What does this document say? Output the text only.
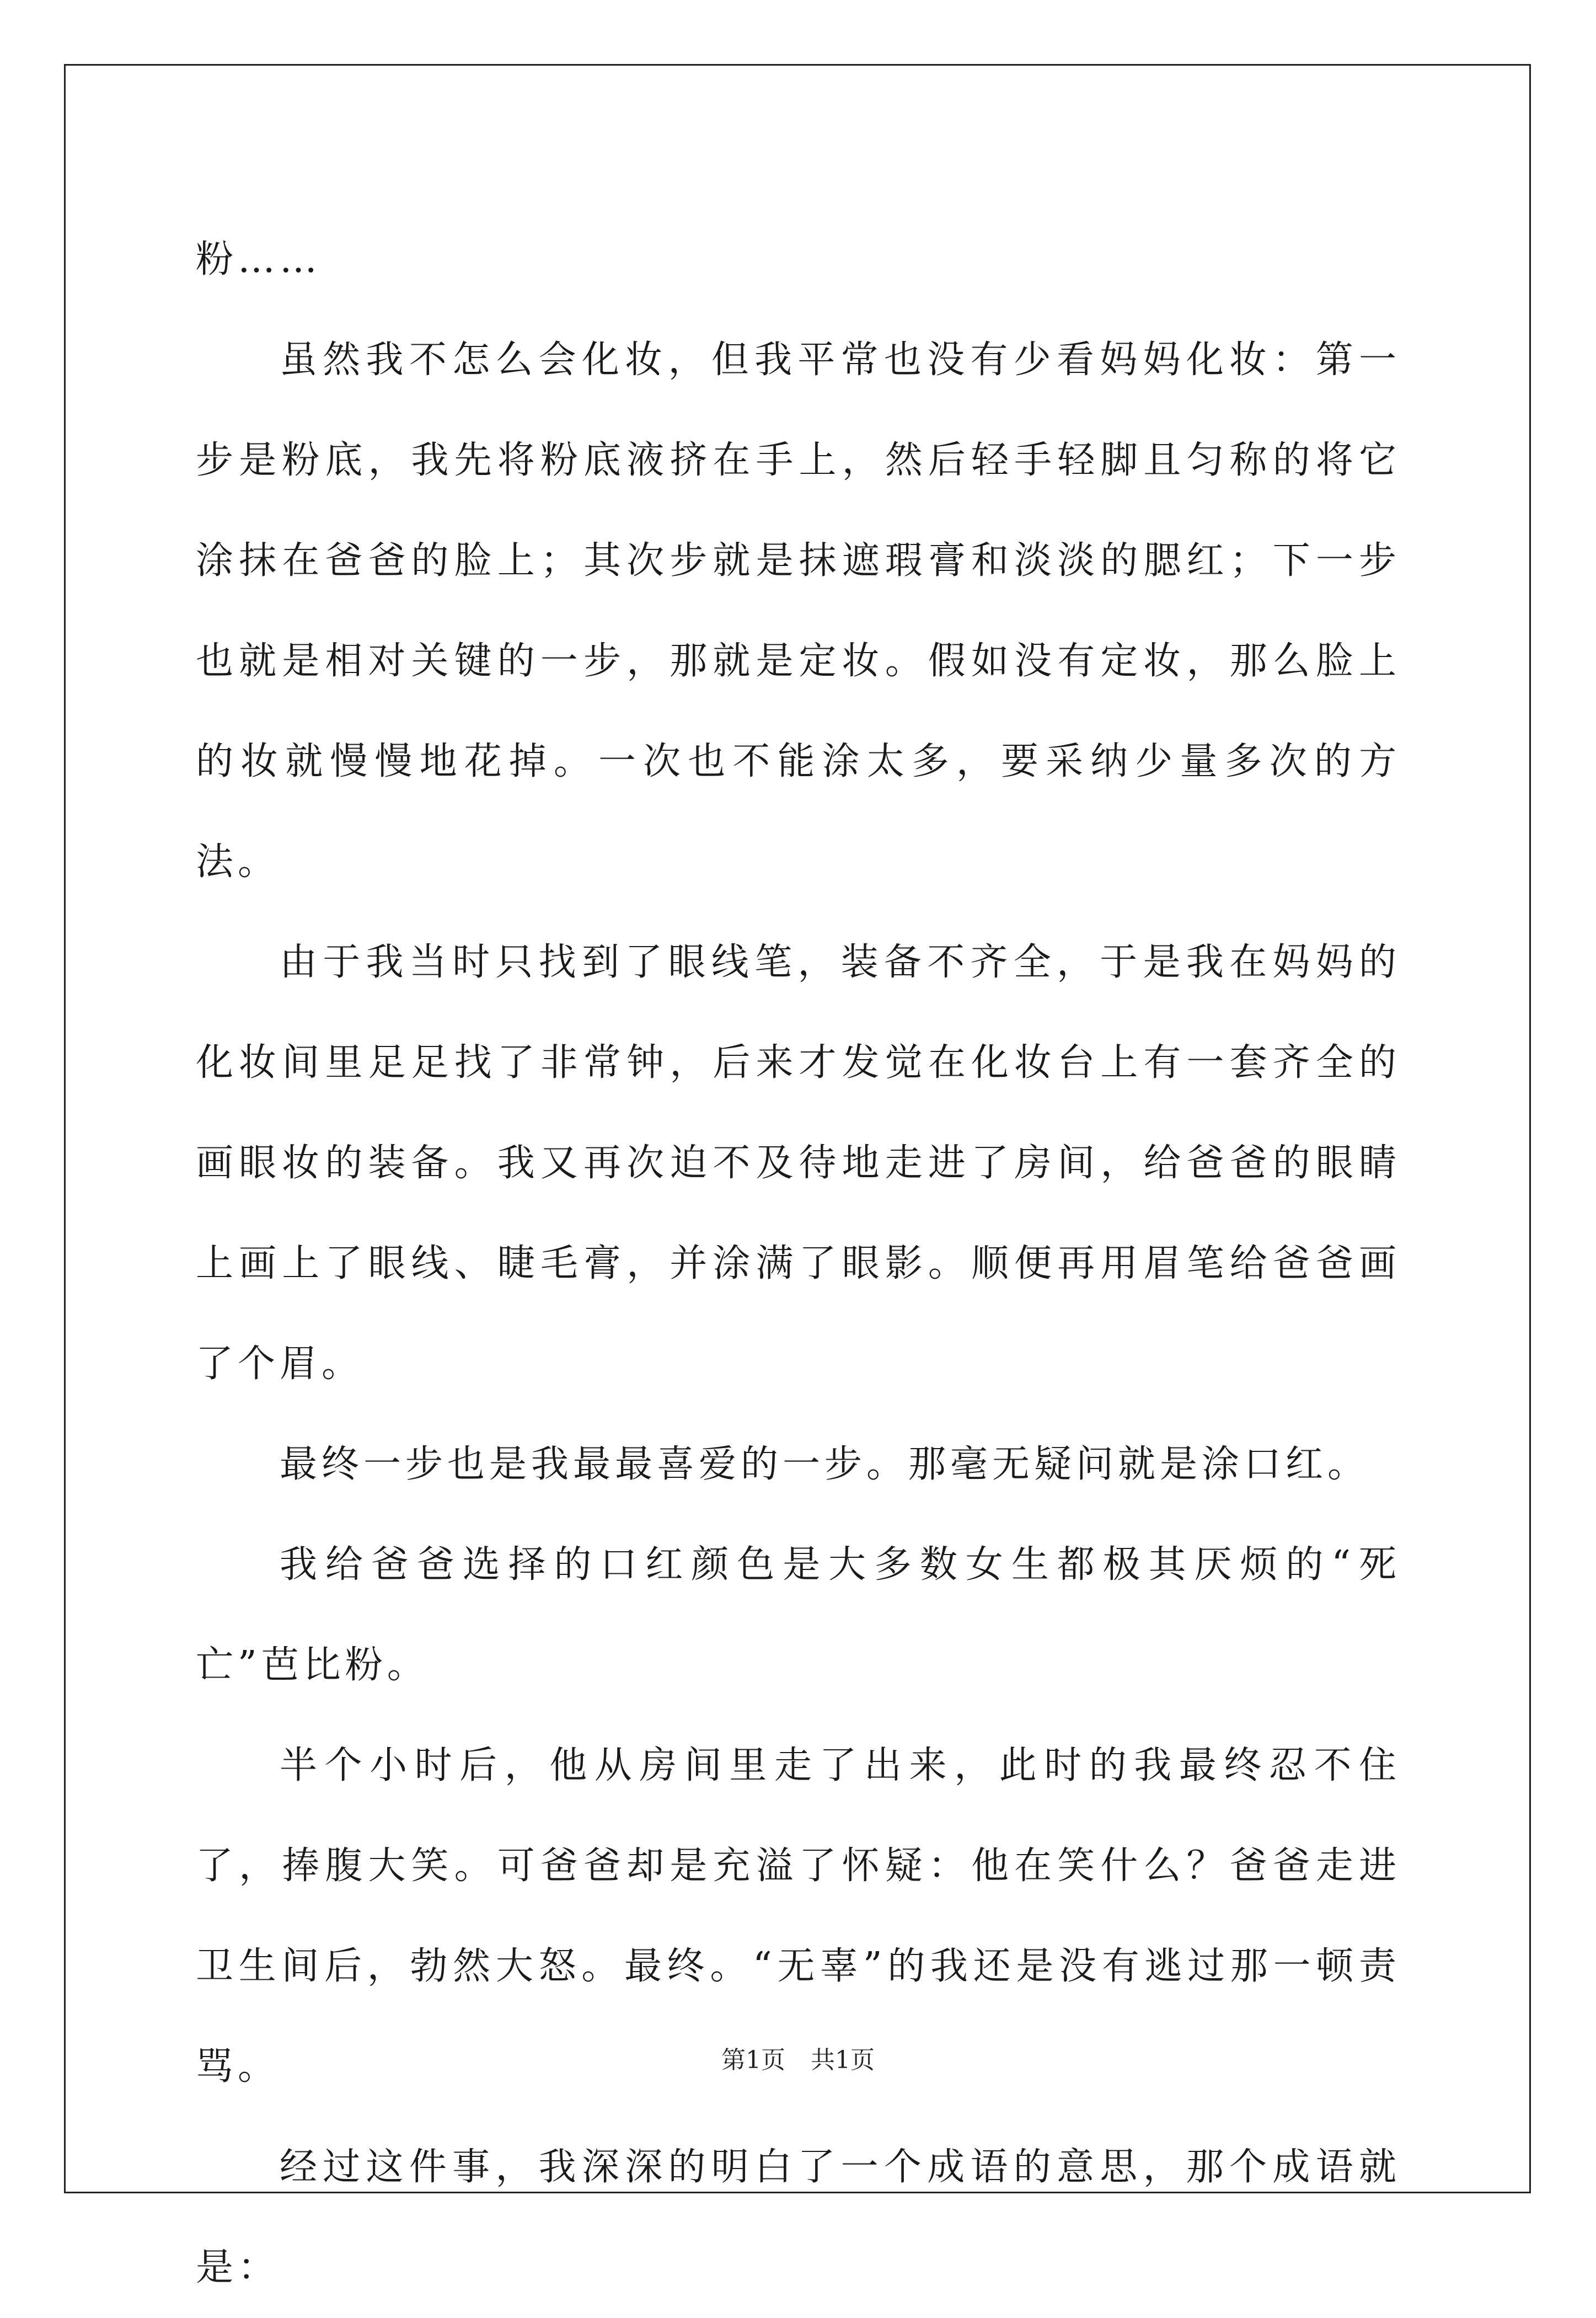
粉……

虽然我不怎么会化妆，但我平常也没有少看妈妈化妆：第一步是粉底，我先将粉底液挤在手上，然后轻手轻脚且匀称的将它涂抹在爸爸的脸上；其次步就是抹遮瑕膏和淡淡的腮红；下一步也就是相对关键的一步，那就是定妆。假如没有定妆，那么脸上的妆就慢慢地花掉。一次也不能涂太多，要采纳少量多次的方法。

由于我当时只找到了眼线笔，装备不齐全，于是我在妈妈的化妆间里足足找了非常钟，后来才发觉在化妆台上有一套齐全的画眼妆的装备。我又再次迫不及待地走进了房间，给爸爸的眼睛上画上了眼线、睫毛膏，并涂满了眼影。顺便再用眉笔给爸爸画了个眉。

最终一步也是我最最喜爱的一步。那毫无疑问就是涂口红。

我给爸爸选择的口红颜色是大多数女生都极其厌烦的“死亡”芭比粉。

半个小时后，他从房间里走了出来，此时的我最终忍不住了，捧腹大笑。可爸爸却是充溢了怀疑：他在笑什么？爸爸走进卫生间后，勃然大怒。最终。“无辜”的我还是没有逃过那一顿责骂。

经过这件事，我深深的明白了一个成语的意思，那个成语就是：

第1页 共1页
